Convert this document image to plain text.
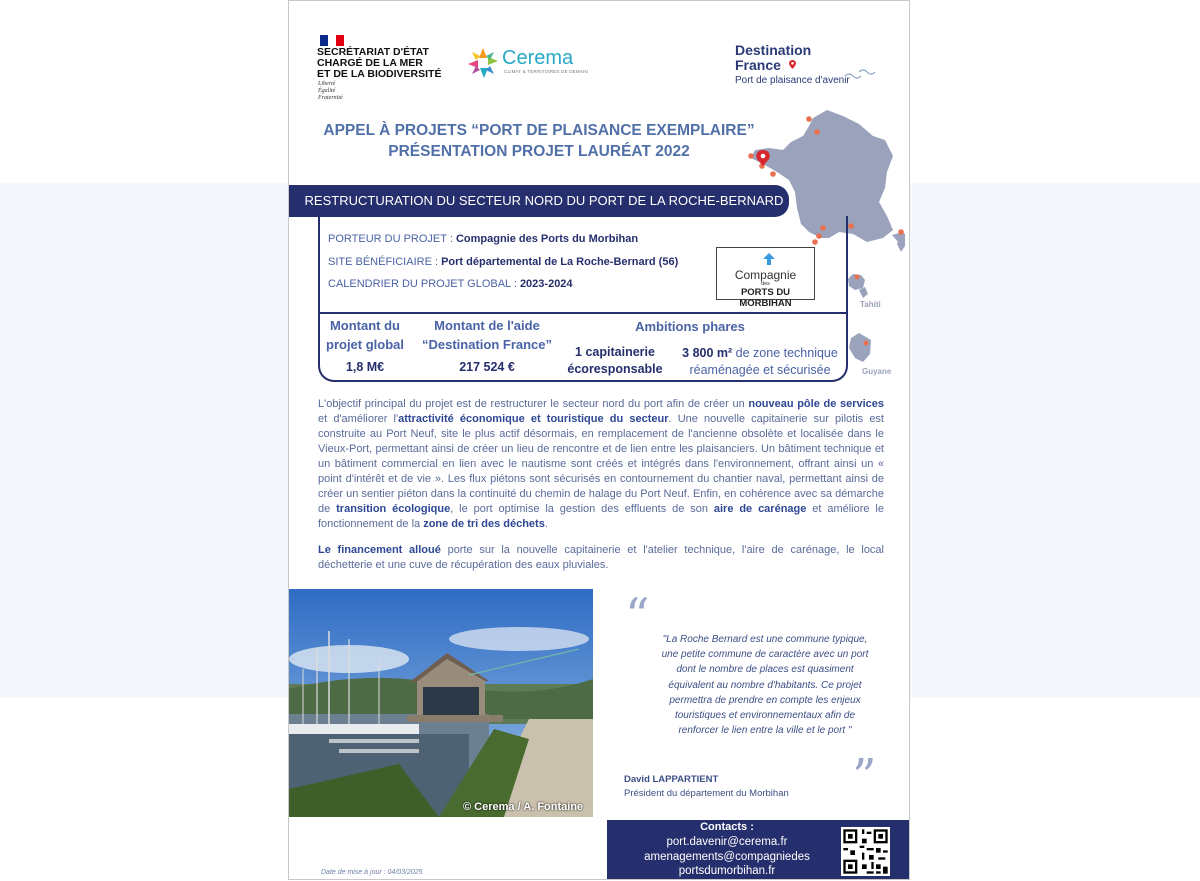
SECRÉTARIAT D'ÉTAT
CHARGÉ DE LA MER
ET DE LA BIODIVERSITÉ
Liberté
Égalité
Fraternité
Cerema
CLIMAT & TERRITOIRES DE DEMAIN
Destination
France
Port de plaisance d'avenir
APPEL À PROJETS “PORT DE PLAISANCE EXEMPLAIRE”
PRÉSENTATION PROJET LAURÉAT 2022
Tahiti
Guyane
RESTRUCTURATION DU SECTEUR NORD DU PORT DE LA ROCHE-BERNARD
PORTEUR DU PROJET : Compagnie des Ports du Morbihan
SITE BÉNÉFICIAIRE : Port départemental de La Roche-Bernard (56)
CALENDRIER DU PROJET GLOBAL : 2023-2024
Compagnie
des
PORTS DU MORBIHAN
Montant du projet global
1,8 M€
Montant de l'aide “Destination France”
217 524 €
Ambitions phares
1 capitainerie écoresponsable
3 800 m² de zone technique
réaménagée et sécurisée
L'objectif principal du projet est de restructurer le secteur nord du port afin de créer un nouveau pôle de services et d'améliorer l'attractivité économique et touristique du secteur. Une nouvelle capitainerie sur pilotis est construite au Port Neuf, site le plus actif désormais, en remplacement de l'ancienne obsolète et localisée dans le Vieux-Port, permettant ainsi de créer un lieu de rencontre et de lien entre les plaisanciers. Un bâtiment technique et un bâtiment commercial en lien avec le nautisme sont créés et intégrés dans l'environnement, offrant ainsi un « point d'intérêt et de vie ». Les flux piétons sont sécurisés en contournement du chantier naval, permettant ainsi de créer un sentier piéton dans la continuité du chemin de halage du Port Neuf. Enfin, en cohérence avec sa démarche de transition écologique, le port optimise la gestion des effluents de son aire de carénage et améliore le fonctionnement de la zone de tri des déchets.
Le financement alloué porte sur la nouvelle capitainerie et l'atelier technique, l'aire de carénage, le local déchetterie et une cuve de récupération des eaux pluviales.
© Cerema / A. Fontaine
“ "La Roche Bernard est une commune typique, une petite commune de caractère avec un port dont le nombre de places est quasiment équivalent au nombre d'habitants. Ce projet permettra de prendre en compte les enjeux touristiques et environnementaux afin de renforcer le lien entre la ville et le port "
”
David LAPPARTIENT
Président du département du Morbihan
Contacts :
port.davenir@cerema.fr
amenagements@compagniedes
portsdumorbihan.fr
Date de mise à jour : 04/03/2025
